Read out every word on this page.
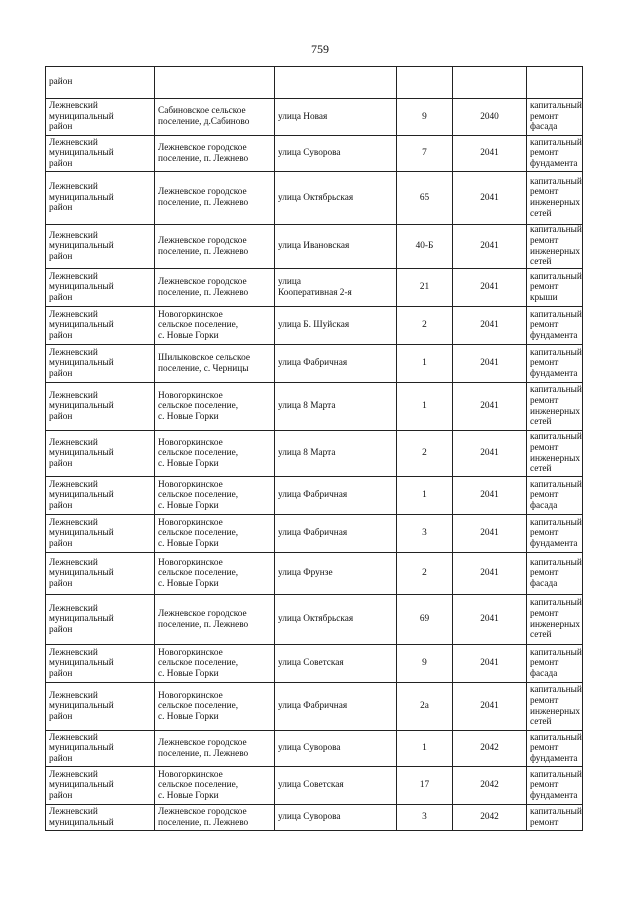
759
район					

Лежневский
муниципальный
район	Сабиновское сельское
поселение, д.Сабиново	улица Новая	9	2040	капитальный
ремонт фасада

Лежневский
муниципальный
район	Лежневское городское
поселение, п. Лежнево	улица Суворова	7	2041	капитальный
ремонт
фундамента

Лежневский
муниципальный
район	Лежневское городское
поселение, п. Лежнево	улица Октябрьская	65	2041	капитальный
ремонт
инженерных
сетей

Лежневский
муниципальный
район	Лежневское городское
поселение, п. Лежнево	улица Ивановская	40-Б	2041	капитальный
ремонт
инженерных
сетей

Лежневский
муниципальный
район	Лежневское городское
поселение, п. Лежнево	улица
Кооперативная 2-я	21	2041	капитальный
ремонт крыши

Лежневский
муниципальный
район	Новогоркинское
сельское поселение,
с. Новые Горки	улица Б. Шуйская	2	2041	капитальный
ремонт
фундамента

Лежневский
муниципальный
район	Шилыковское сельское
поселение, с. Черницы	улица Фабричная	1	2041	капитальный
ремонт
фундамента

Лежневский
муниципальный
район	Новогоркинское
сельское поселение,
с. Новые Горки	улица 8 Марта	1	2041	капитальный
ремонт
инженерных
сетей

Лежневский
муниципальный
район	Новогоркинское
сельское поселение,
с. Новые Горки	улица 8 Марта	2	2041	капитальный
ремонт
инженерных
сетей

Лежневский
муниципальный
район	Новогоркинское
сельское поселение,
с. Новые Горки	улица Фабричная	1	2041	капитальный
ремонт фасада

Лежневский
муниципальный
район	Новогоркинское
сельское поселение,
с. Новые Горки	улица Фабричная	3	2041	капитальный
ремонт
фундамента

Лежневский
муниципальный
район	Новогоркинское
сельское поселение,
с. Новые Горки	улица Фрунзе	2	2041	капитальный
ремонт фасада

Лежневский
муниципальный
район	Лежневское городское
поселение, п. Лежнево	улица Октябрьская	69	2041	капитальный
ремонт
инженерных
сетей

Лежневский
муниципальный
район	Новогоркинское
сельское поселение,
с. Новые Горки	улица Советская	9	2041	капитальный
ремонт фасада

Лежневский
муниципальный
район	Новогоркинское
сельское поселение,
с. Новые Горки	улица Фабричная	2а	2041	капитальный
ремонт
инженерных
сетей

Лежневский
муниципальный
район	Лежневское городское
поселение, п. Лежнево	улица Суворова	1	2042	капитальный
ремонт
фундамента

Лежневский
муниципальный
район	Новогоркинское
сельское поселение,
с. Новые Горки	улица Советская	17	2042	капитальный
ремонт
фундамента

Лежневский
муниципальный	Лежневское городское
поселение, п. Лежнево	улица Суворова	3	2042	капитальный
ремонт
